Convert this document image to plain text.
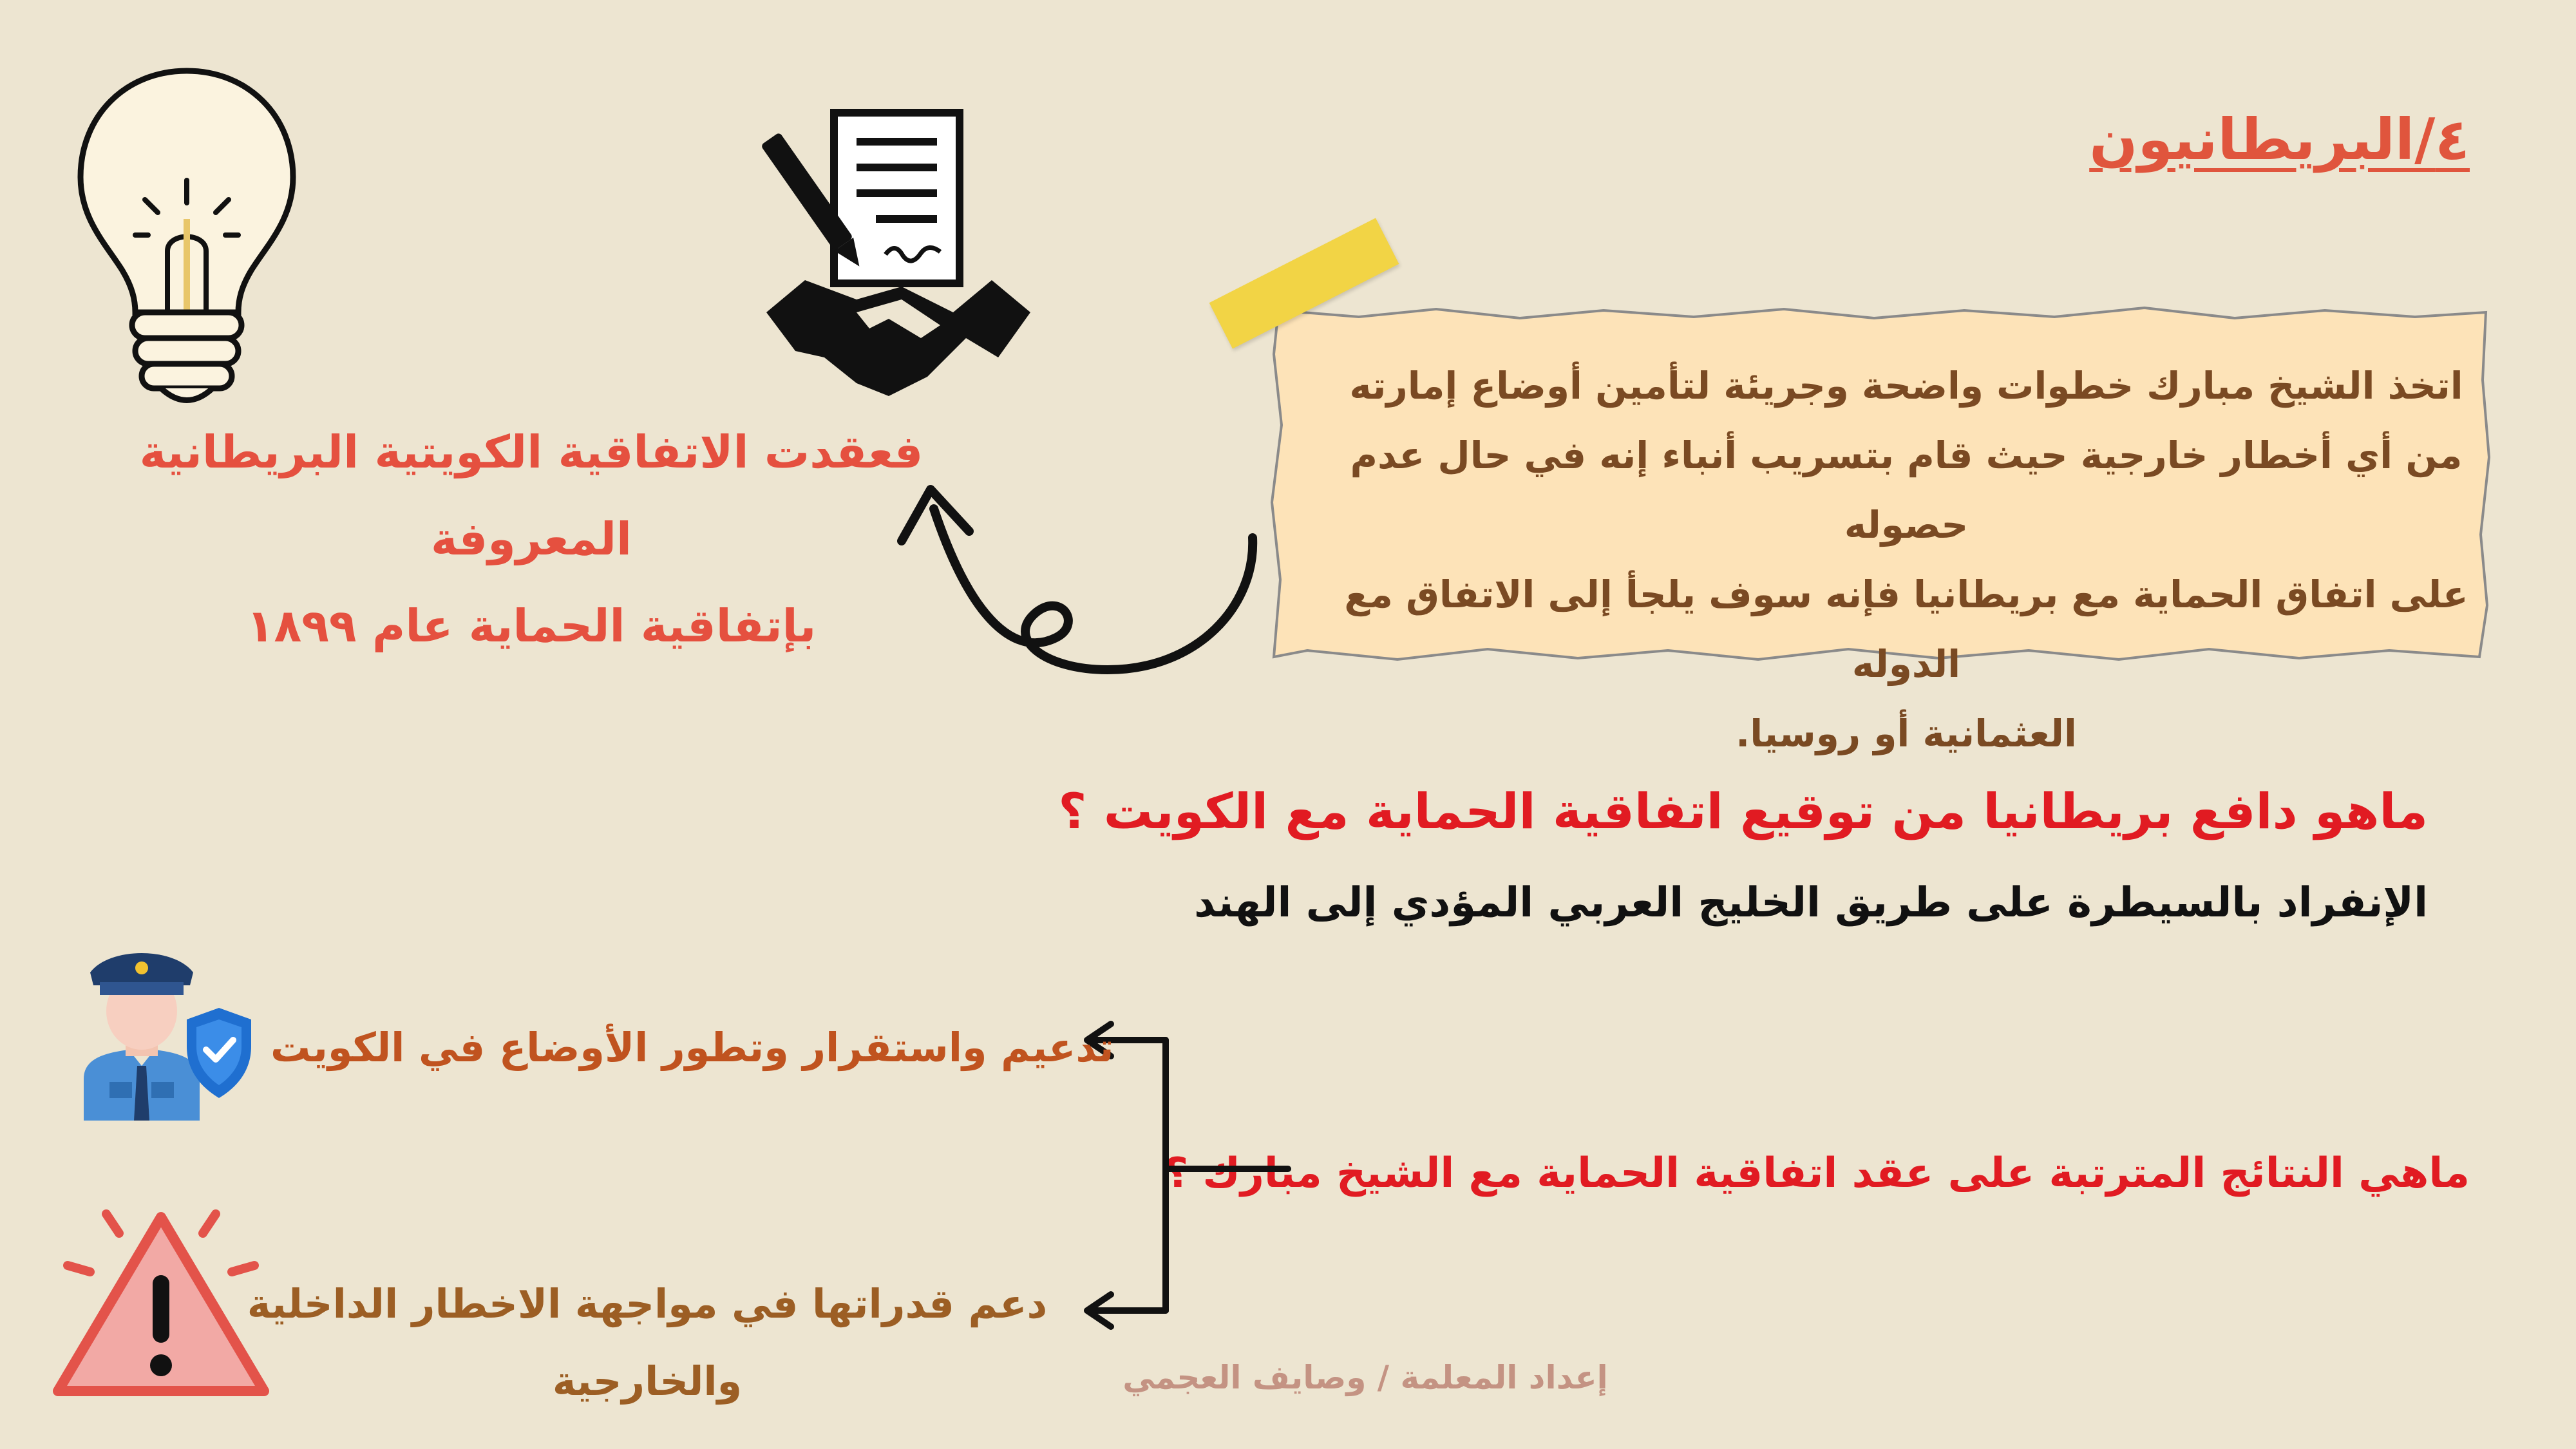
٤/البريطانيون
اتخذ الشيخ مبارك خطوات واضحة وجريئة لتأمين أوضاع إمارته
من أي أخطار خارجية حيث قام بتسريب أنباء إنه في حال عدم حصوله
على اتفاق الحماية مع بريطانيا فإنه سوف يلجأ إلى الاتفاق مع الدوله
العثمانية أو روسيا.
فعقدت الاتفاقية الكويتية البريطانية المعروفة
بإتفاقية الحماية عام ١٨٩٩
ماهو دافع بريطانيا من توقيع اتفاقية الحماية مع الكويت ؟
الإنفراد بالسيطرة على طريق الخليج العربي المؤدي إلى الهند
ماهي النتائج المترتبة على عقد اتفاقية الحماية مع الشيخ مبارك ؟
تدعيم واستقرار وتطور الأوضاع في الكويت
دعم قدراتها في مواجهة الاخطار الداخلية
والخارجية	إعداد المعلمة / وصايف العجمي
